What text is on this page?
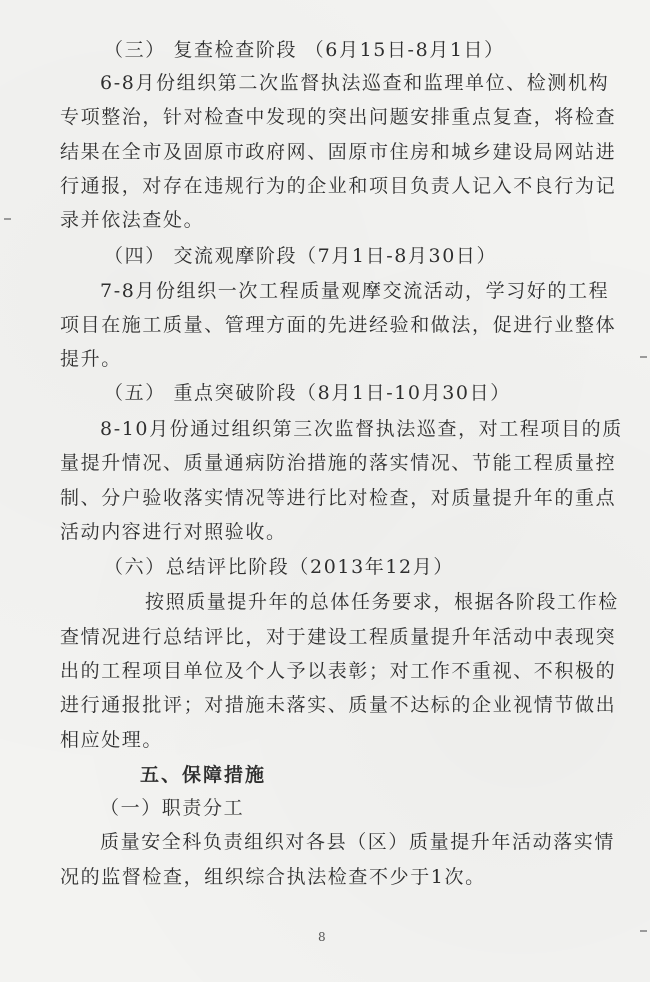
（三） 复查检查阶段 （6月15日-8月1日）
6-8月份组织第二次监督执法巡查和监理单位、检测机构
专项整治，针对检查中发现的突出问题安排重点复查，将检查
结果在全市及固原市政府网、固原市住房和城乡建设局网站进
行通报，对存在违规行为的企业和项目负责人记入不良行为记
录并依法查处。
（四） 交流观摩阶段（7月1日-8月30日）
7-8月份组织一次工程质量观摩交流活动，学习好的工程
项目在施工质量、管理方面的先进经验和做法，促进行业整体
提升。
（五） 重点突破阶段（8月1日-10月30日）
8-10月份通过组织第三次监督执法巡查，对工程项目的质
量提升情况、质量通病防治措施的落实情况、节能工程质量控
制、分户验收落实情况等进行比对检查，对质量提升年的重点
活动内容进行对照验收。
（六）总结评比阶段（2013年12月）
按照质量提升年的总体任务要求，根据各阶段工作检
查情况进行总结评比，对于建设工程质量提升年活动中表现突
出的工程项目单位及个人予以表彰；对工作不重视、不积极的
进行通报批评；对措施未落实、质量不达标的企业视情节做出
相应处理。
五、保障措施
（一）职责分工
质量安全科负责组织对各县（区）质量提升年活动落实情
况的监督检查，组织综合执法检查不少于1次。
8
